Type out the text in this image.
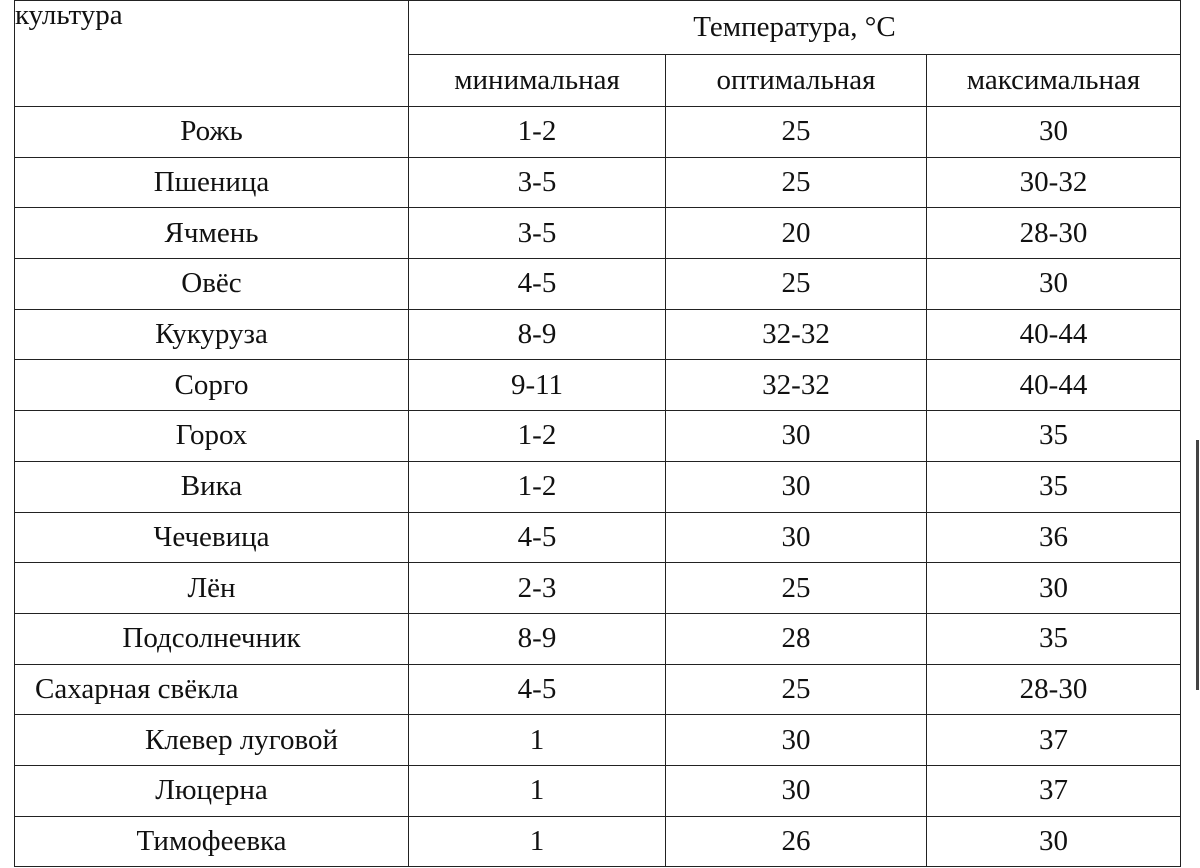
культура	Температура, °С		
	минимальная	оптимальная	максимальная
Рожь	1-2	25	30
Пшеница	3-5	25	30-32
Ячмень	3-5	20	28-30
Овёс	4-5	25	30
Кукуруза	8-9	32-32	40-44
Сорго	9-11	32-32	40-44
Горох	1-2	30	35
Вика	1-2	30	35
Чечевица	4-5	30	36
Лён	2-3	25	30
Подсолнечник	8-9	28	35
Сахарная свёкла	4-5	25	28-30
Клевер луговой	1	30	37
Люцерна	1	30	37
Тимофеевка	1	26	30
